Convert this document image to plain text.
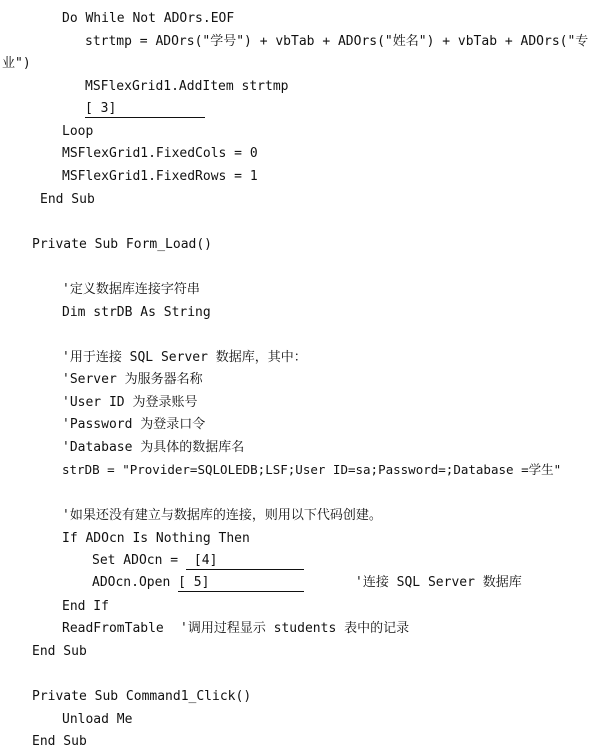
Do While Not ADOrs.EOF
strtmp = ADOrs("学号") + vbTab + ADOrs("姓名") + vbTab + ADOrs("专
业")
MSFlexGrid1.AddItem strtmp
[ 3]
Loop
MSFlexGrid1.FixedCols = 0
MSFlexGrid1.FixedRows = 1
End Sub
Private Sub Form_Load()
'定义数据库连接字符串
Dim strDB As String
'用于连接 SQL Server 数据库，其中：
'Server 为服务器名称
'User ID 为登录账号
'Password 为登录口令
'Database 为具体的数据库名
strDB = "Provider=SQLOLEDB;LSF;User ID=sa;Password=;Database =学生"
'如果还没有建立与数据库的连接，则用以下代码创建。
If ADOcn Is Nothing Then
Set ADOcn = [4]
ADOcn.Open [ 5]	'连接 SQL Server 数据库
End If
ReadFromTable '调用过程显示 students 表中的记录
End Sub
Private Sub Command1_Click()
Unload Me
End Sub
